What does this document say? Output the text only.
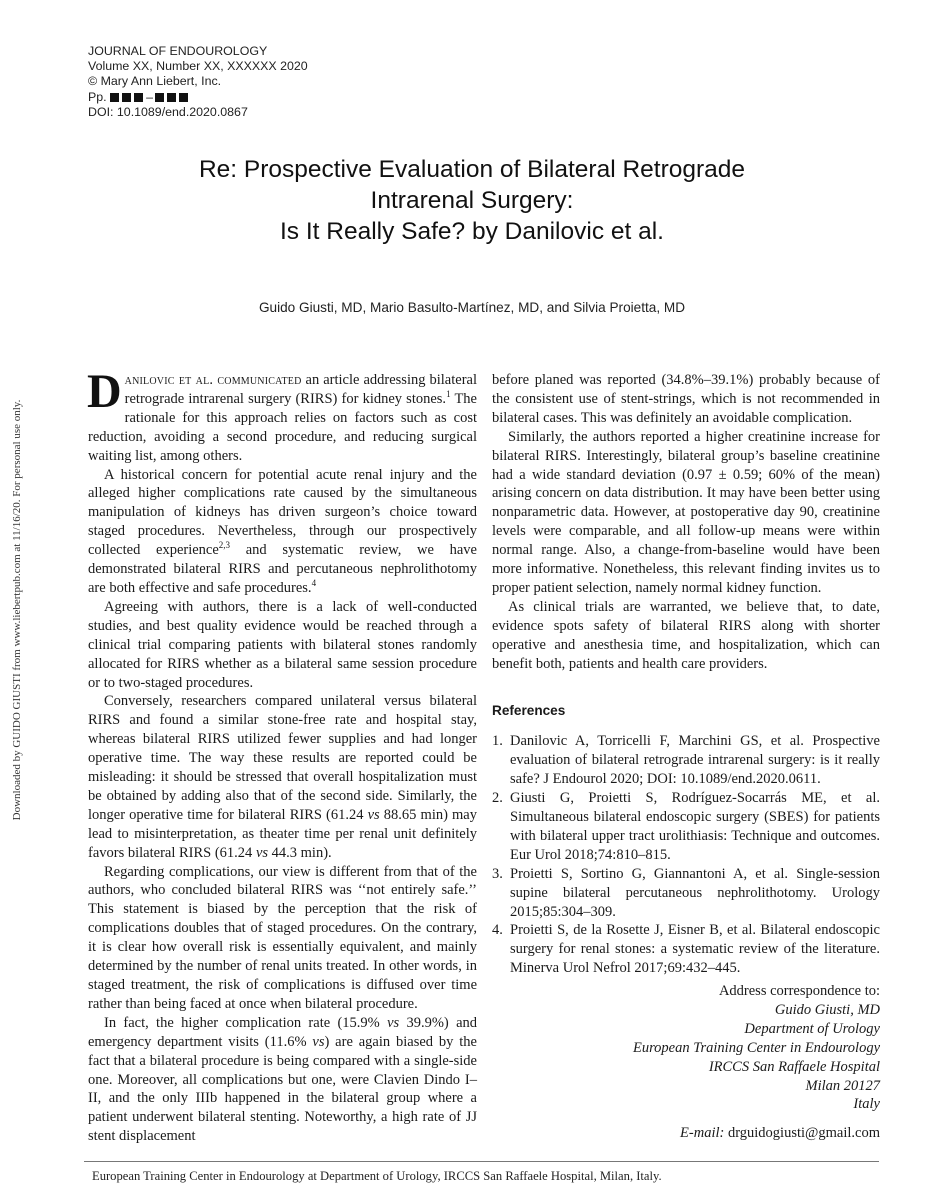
JOURNAL OF ENDOUROLOGY
Volume XX, Number XX, XXXXXX 2020
© Mary Ann Liebert, Inc.
Pp.	–
DOI: 10.1089/end.2020.0867
Downloaded by GUIDO GIUSTI from www.liebertpub.com at 11/16/20. For personal use only.
Re: Prospective Evaluation of Bilateral Retrograde
Intrarenal Surgery:
Is It Really Safe? by Danilovic et al.
Guido Giusti, MD, Mario Basulto-Martínez, MD, and Silvia Proietta, MD

Danilovic et al. communicated an article addressing bilateral retrograde intrarenal surgery (RIRS) for kidney stones.$^1$ The rationale for this approach relies on factors such as cost reduction, avoiding a second procedure, and reducing surgical waiting list, among others.

A historical concern for potential acute renal injury and the alleged higher complications rate caused by the simultaneous manipulation of kidneys has driven surgeon’s choice toward staged procedures. Nevertheless, through our prospectively collected experience$^{2,3}$ and systematic review, we have demonstrated bilateral RIRS and percutaneous nephrolithotomy are both effective and safe procedures.$^4$

Agreeing with authors, there is a lack of well-conducted studies, and best quality evidence would be reached through a clinical trial comparing patients with bilateral stones randomly allocated for RIRS whether as a bilateral same session procedure or to two-staged procedures.

Conversely, researchers compared unilateral versus bilateral RIRS and found a similar stone-free rate and hospital stay, whereas bilateral RIRS utilized fewer supplies and had longer operative time. The way these results are reported could be misleading: it should be stressed that overall hospitalization must be obtained by adding also that of the second side. Similarly, the longer operative time for bilateral RIRS (61.24 vs 88.65 min) may lead to misinterpretation, as theater time per renal unit definitely favors bilateral RIRS (61.24 vs 44.3 min).

Regarding complications, our view is different from that of the authors, who concluded bilateral RIRS was ‘‘not entirely safe.’’ This statement is biased by the perception that the risk of complications doubles that of staged procedures. On the contrary, it is clear how overall risk is essentially equivalent, and mainly determined by the number of renal units treated. In other words, in staged treatment, the risk of complications is diffused over time rather than being faced at once when bilateral procedure.

In fact, the higher complication rate (15.9% vs 39.9%) and emergency department visits (11.6% vs) are again biased by the fact that a bilateral procedure is being compared with a single-side one. Moreover, all complications but one, were Clavien Dindo I–II, and the only IIIb happened in the bilateral group where a patient underwent bilateral stenting. Noteworthy, a high rate of JJ stent displacement

before planed was reported (34.8%–39.1%) probably because of the consistent use of stent-strings, which is not recommended in bilateral cases. This was definitely an avoidable complication.

Similarly, the authors reported a higher creatinine increase for bilateral RIRS. Interestingly, bilateral group’s baseline creatinine had a wide standard deviation (0.97 ± 0.59; 60% of the mean) arising concern on data distribution. It may have been better using nonparametric data. However, at postoperative day 90, creatinine levels were comparable, and all follow-up means were within normal range. Also, a change-from-baseline would have been more informative. Nonetheless, this relevant finding invites us to proper patient selection, namely normal kidney function.

As clinical trials are warranted, we believe that, to date, evidence spots safety of bilateral RIRS along with shorter operative and anesthesia time, and hospitalization, which can benefit both, patients and health care providers.

References
1. Danilovic A, Torricelli F, Marchini GS, et al. Prospective evaluation of bilateral retrograde intrarenal surgery: is it really safe? J Endourol 2020; DOI: 10.1089/end.2020.0611.
2. Giusti G, Proietti S, Rodríguez-Socarrás ME, et al. Simultaneous bilateral endoscopic surgery (SBES) for patients with bilateral upper tract urolithiasis: Technique and outcomes. Eur Urol 2018;74:810–815.
3. Proietti S, Sortino G, Giannantoni A, et al. Single-session supine bilateral percutaneous nephrolithotomy. Urology 2015;85:304–309.
4. Proietti S, de la Rosette J, Eisner B, et al. Bilateral endoscopic surgery for renal stones: a systematic review of the literature. Minerva Urol Nefrol 2017;69:432–445.
Address correspondence to:
Guido Giusti, MD
Department of Urology
European Training Center in Endourology
IRCCS San Raffaele Hospital
Milan 20127
Italy
E-mail: drguidogiusti@gmail.com
European Training Center in Endourology at Department of Urology, IRCCS San Raffaele Hospital, Milan, Italy.
